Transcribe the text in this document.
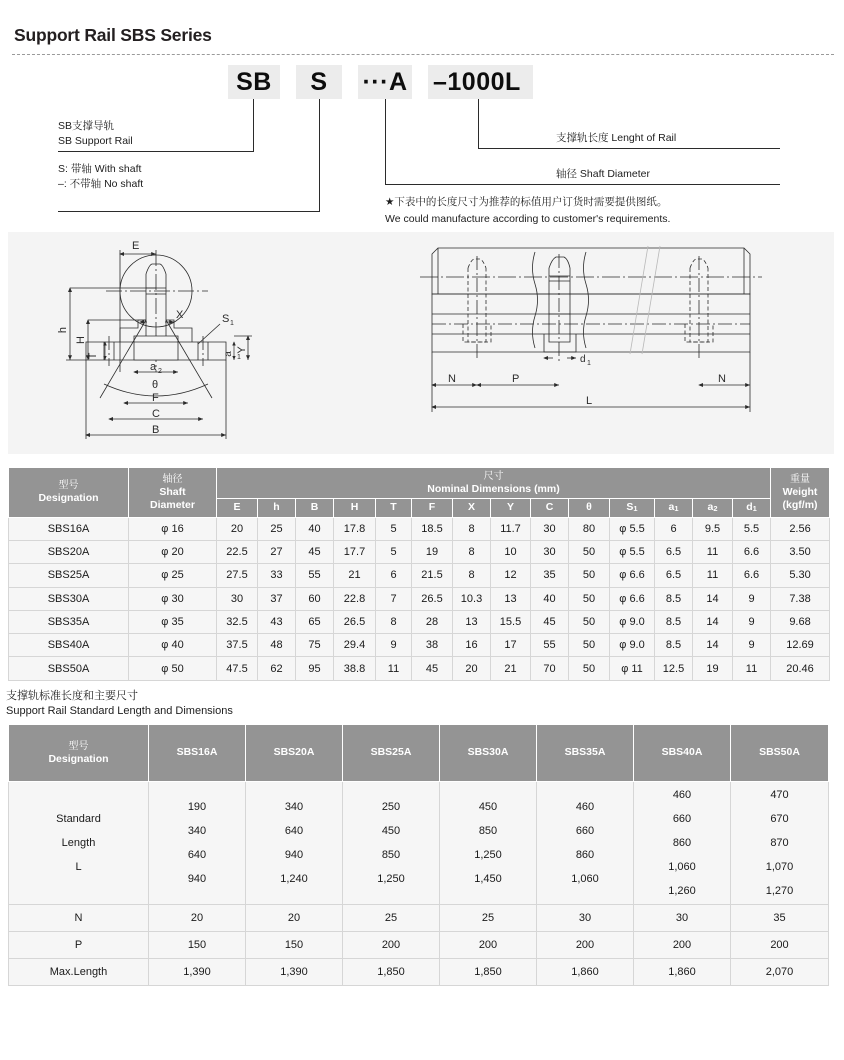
Support Rail SBS Series
SB	S	···A –1000L
SB支撑导轨
SB Support Rail
S: 带轴 With shaft
–: 不带轴 No shaft
支撑轨长度 Lenght of Rail
轴径 Shaft Diameter
★下表中的长度尺寸为推荐的标值用户订货时需要提供图纸。
We could manufacture according to customer's requirements.
E
h
H
T
X	S 1
a 1
Y
a 2
θ
F
C
B
d 1
N	P	N
L
型号
Designation	轴径
Shaft
Diameter	尺寸
Nominal Dimensions (mm)														重量
Weight
(kgf/m)
		E	h	B	H	T	F	X	Y	C	θ	S1	a1	a2	d1	
SBS16A	φ 16	20	25	40	17.8	5	18.5	8	11.7	30	80	φ 5.5	6	9.5	5.5	2.56
SBS20A	φ 20	22.5	27	45	17.7	5	19	8	10	30	50	φ 5.5	6.5	11	6.6	3.50
SBS25A	φ 25	27.5	33	55	21	6	21.5	8	12	35	50	φ 6.6	6.5	11	6.6	5.30
SBS30A	φ 30	30	37	60	22.8	7	26.5	10.3	13	40	50	φ 6.6	8.5	14	9	7.38
SBS35A	φ 35	32.5	43	65	26.5	8	28	13	15.5	45	50	φ 9.0	8.5	14	9	9.68
SBS40A	φ 40	37.5	48	75	29.4	9	38	16	17	55	50	φ 9.0	8.5	14	9	12.69
SBS50A	φ 50	47.5	62	95	38.8	11	45	20	21	70	50	φ 11	12.5	19	11	20.46
支撑轨标准长度和主要尺寸
Support Rail Standard Length and Dimensions
型号
Designation	SBS16A	SBS20A	SBS25A	SBS30A	SBS35A	SBS40A	SBS50A

Standard
Length
L	190
340
640
940	340
640
940
1,240	250
450
850
1,250	450
850
1,250
1,450	460
660
860
1,060	460
660
860
1,060
1,260	470
670
870
1,070
1,270

N	20	20	25	25	30	30	35
P	150	150	200	200	200	200	200
Max.Length	1,390	1,390	1,850	1,850	1,860	1,860	2,070
